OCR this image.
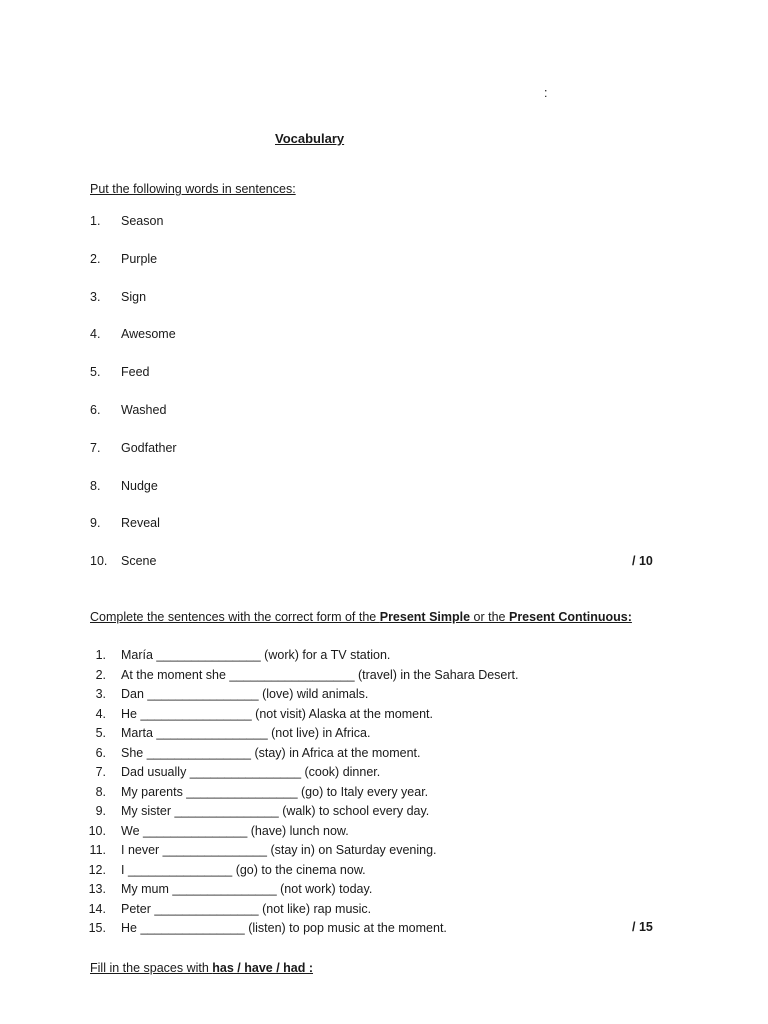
:
Vocabulary
Put the following words in sentences:
1. Season
2. Purple
3. Sign
4. Awesome
5. Feed
6. Washed
7. Godfather
8. Nudge
9. Reveal
10. Scene	/ 10
Complete the sentences with the correct form of the Present Simple or the Present Continuous:
1. María _______________ (work) for a TV station.
2. At the moment she __________________ (travel) in the Sahara Desert.
3. Dan ________________ (love) wild animals.
4. He ________________ (not visit) Alaska at the moment.
5. Marta ________________ (not live) in Africa.
6. She _______________ (stay) in Africa at the moment.
7. Dad usually ________________ (cook) dinner.
8. My parents ________________ (go) to Italy every year.
9. My sister _______________ (walk) to school every day.
10. We _______________ (have) lunch now.
11. I never _______________ (stay in) on Saturday evening.
12. I _______________ (go) to the cinema now.
13. My mum _______________ (not work) today.
14. Peter _______________ (not like) rap music.
15. He _______________ (listen) to pop music at the moment.	/ 15
Fill in the spaces with has / have / had :
